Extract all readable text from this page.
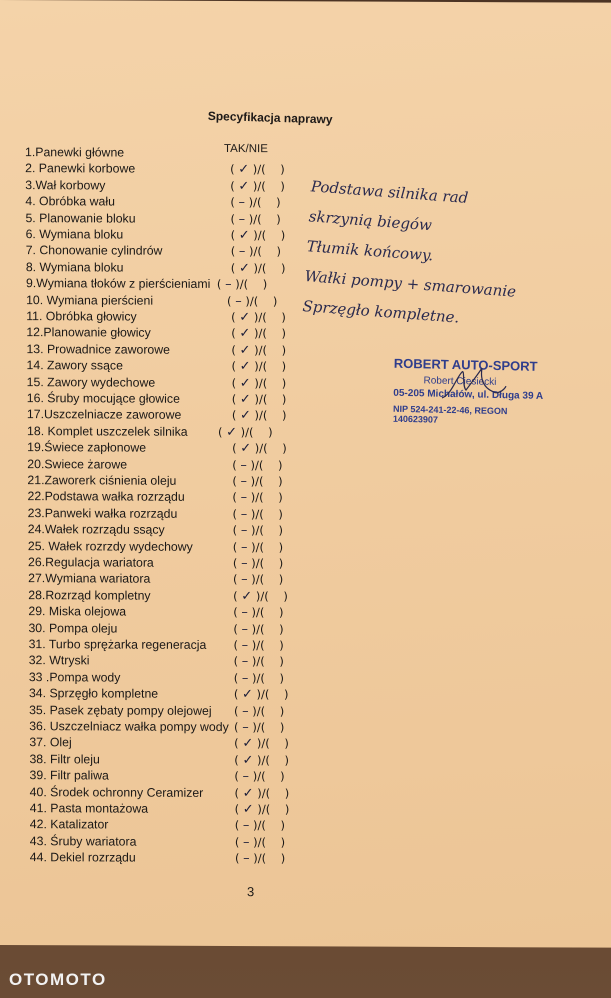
Specyfikacja naprawy
TAK/NIE
1.Panewki główne
2. Panewki korbowe	( ✓ )/(    )
3.Wał korbowy	( ✓ )/(    )
4. Obróbka wału	( – )/(    )
5. Planowanie bloku	( – )/(    )
6. Wymiana bloku	( ✓ )/(    )
7. Chonowanie cylindrów	( – )/(    )
8. Wymiana bloku	( ✓ )/(    )
9.Wymiana tłoków z pierścieniami ( – )/(    )
10. Wymiana pierścieni	( – )/(    )
11. Obróbka głowicy	( ✓ )/(    )
12.Planowanie głowicy	( ✓ )/(    )
13. Prowadnice zaworowe	( ✓ )/(    )
14. Zawory ssące	( ✓ )/(    )
15. Zawory wydechowe	( ✓ )/(    )
16. Śruby mocujące głowice	( ✓ )/(    )
17.Uszczelniacze zaworowe	( ✓ )/(    )
18. Komplet uszczelek silnika	( ✓ )/(    )
19.Świece zapłonowe	( ✓ )/(    )
20.Swiece żarowe	( – )/(    )
21.Zaworerk ciśnienia oleju	( – )/(    )
22.Podstawa wałka rozrządu	( – )/(    )
23.Panweki wałka rozrządu	( – )/(    )
24.Wałek rozrządu ssący	( – )/(    )
25. Wałek rozrzdy wydechowy	( – )/(    )
26.Regulacja wariatora	( – )/(    )
27.Wymiana wariatora	( – )/(    )
28.Rozrząd kompletny	( ✓ )/(    )
29. Miska olejowa	( – )/(    )
30. Pompa oleju	( – )/(    )
31. Turbo sprężarka regeneracja ( – )/(    )
32. Wtryski	( – )/(    )
33 .Pompa wody	( – )/(    )
34. Sprzęgło kompletne	( ✓ )/(    )
35. Pasek zębaty pompy olejowej ( – )/(    )
36. Uszczelniacz wałka pompy wody ( – )/(    )
37. Olej	( ✓ )/(    )
38. Filtr oleju	( ✓ )/(    )
39. Filtr paliwa	( – )/(    )
40. Środek ochronny Ceramizer	( ✓ )/(    )
41. Pasta montażowa	( ✓ )/(    )
42. Katalizator	( – )/(    )
43. Śruby wariatora	( – )/(    )
44. Dekiel rozrządu	( – )/(    )
Podstawa silnika rad
skrzynią biegów
Tłumik końcowy.
Wałki pompy + smarowanie
Sprzęgło kompletne.
ROBERT AUTO-SPORT
Robert Ciesiecki
05-205 Michałów, ul. Długa 39 A
NIP 524-241-22-46, REGON 140623907
3
OTOMOTO
